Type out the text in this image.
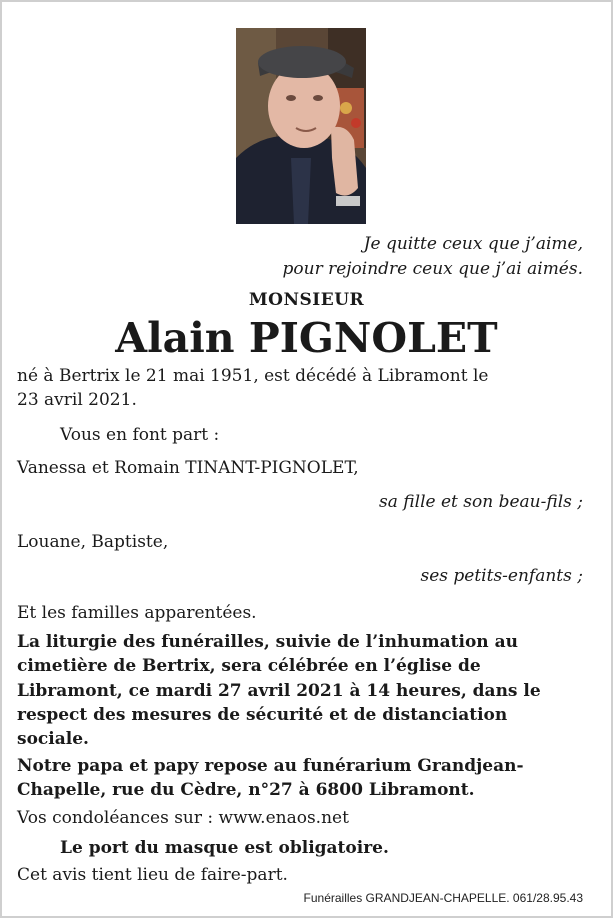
Je quitte ceux que j’aime,
pour rejoindre ceux que j’ai aimés.
MONSIEUR
Alain PIGNOLET
né à Bertrix le 21 mai 1951, est décédé à Libramont le
23 avril 2021.
Vous en font part :
Vanessa et Romain TINANT-PIGNOLET,
sa fille et son beau-fils ;
Louane, Baptiste,
ses petits-enfants ;
Et les familles apparentées.
La liturgie des funérailles, suivie de l’inhumation au cimetière de Bertrix, sera célébrée en l’église de Libramont, ce mardi 27 avril 2021 à 14 heures, dans le respect des mesures de sécurité et de distanciation sociale.
Notre papa et papy repose au funérarium Grandjean-Chapelle, rue du Cèdre, n°27 à 6800 Libramont.
Vos condoléances sur : www.enaos.net
Le port du masque est obligatoire.
Cet avis tient lieu de faire-part.
Funérailles GRANDJEAN-CHAPELLE. 061/28.95.43
